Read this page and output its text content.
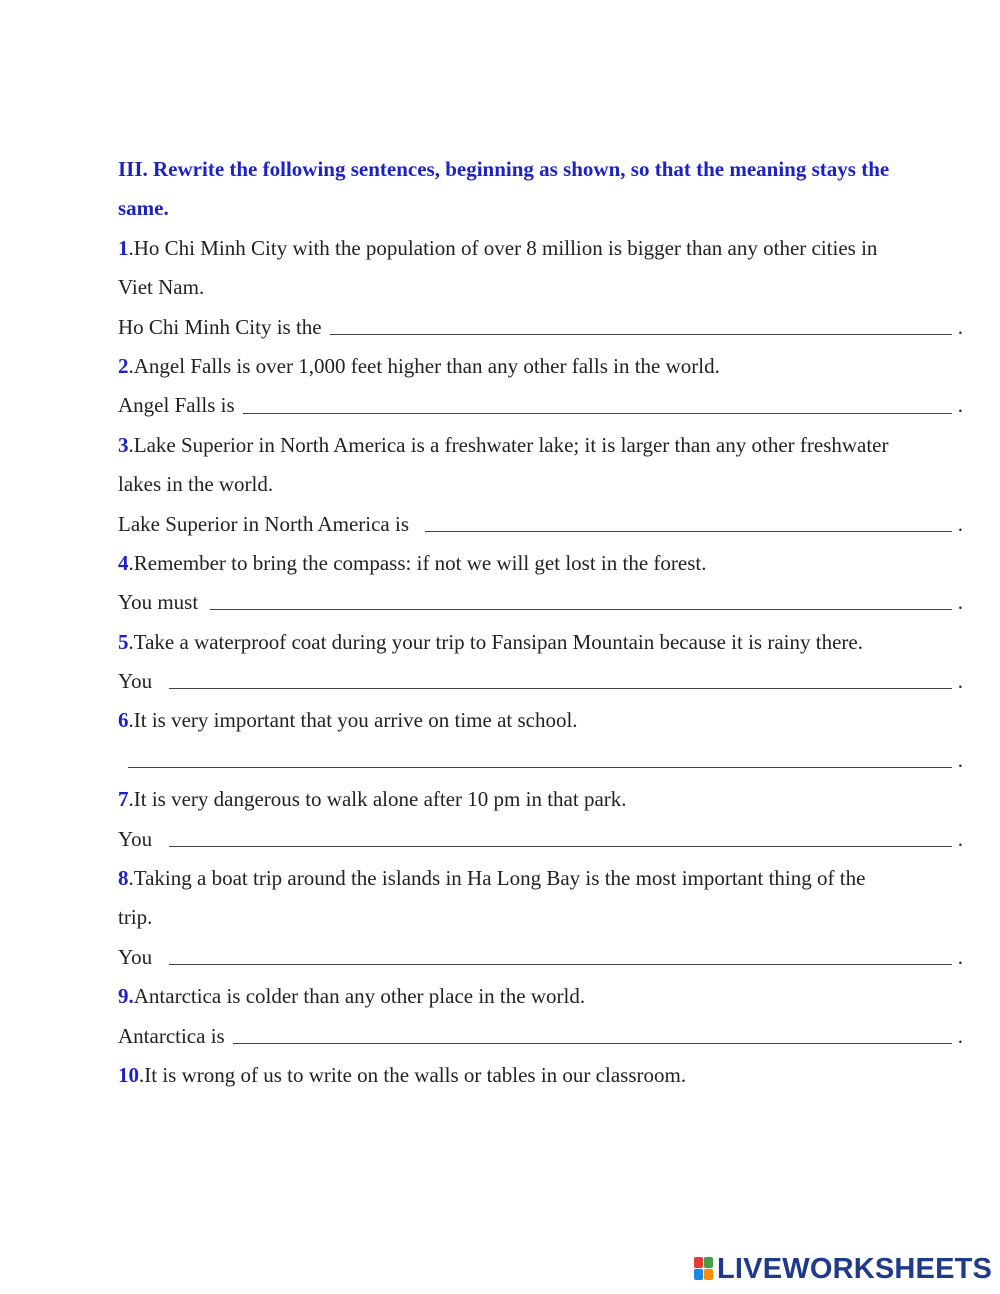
III. Rewrite the following sentences, beginning as shown, so that the meaning stays the
same.
1.Ho Chi Minh City with the population of over 8 million is bigger than any other cities in
Viet Nam.
Ho Chi Minh City is the	.
2.Angel Falls is over 1,000 feet higher than any other falls in the world.
Angel Falls is	.
3.Lake Superior in North America is a freshwater lake; it is larger than any other freshwater
lakes in the world.
Lake Superior in North America is	.
4.Remember to bring the compass: if not we will get lost in the forest.
You must	.
5.Take a waterproof coat during your trip to Fansipan Mountain because it is rainy there.
You	.
6.It is very important that you arrive on time at school.
.
7.It is very dangerous to walk alone after 10 pm in that park.
You	.
8.Taking a boat trip around the islands in Ha Long Bay is the most important thing of the
trip.
You	.
9.Antarctica is colder than any other place in the world.
Antarctica is	.
10.It is wrong of us to write on the walls or tables in our classroom.
LIVEWORKSHEETS
